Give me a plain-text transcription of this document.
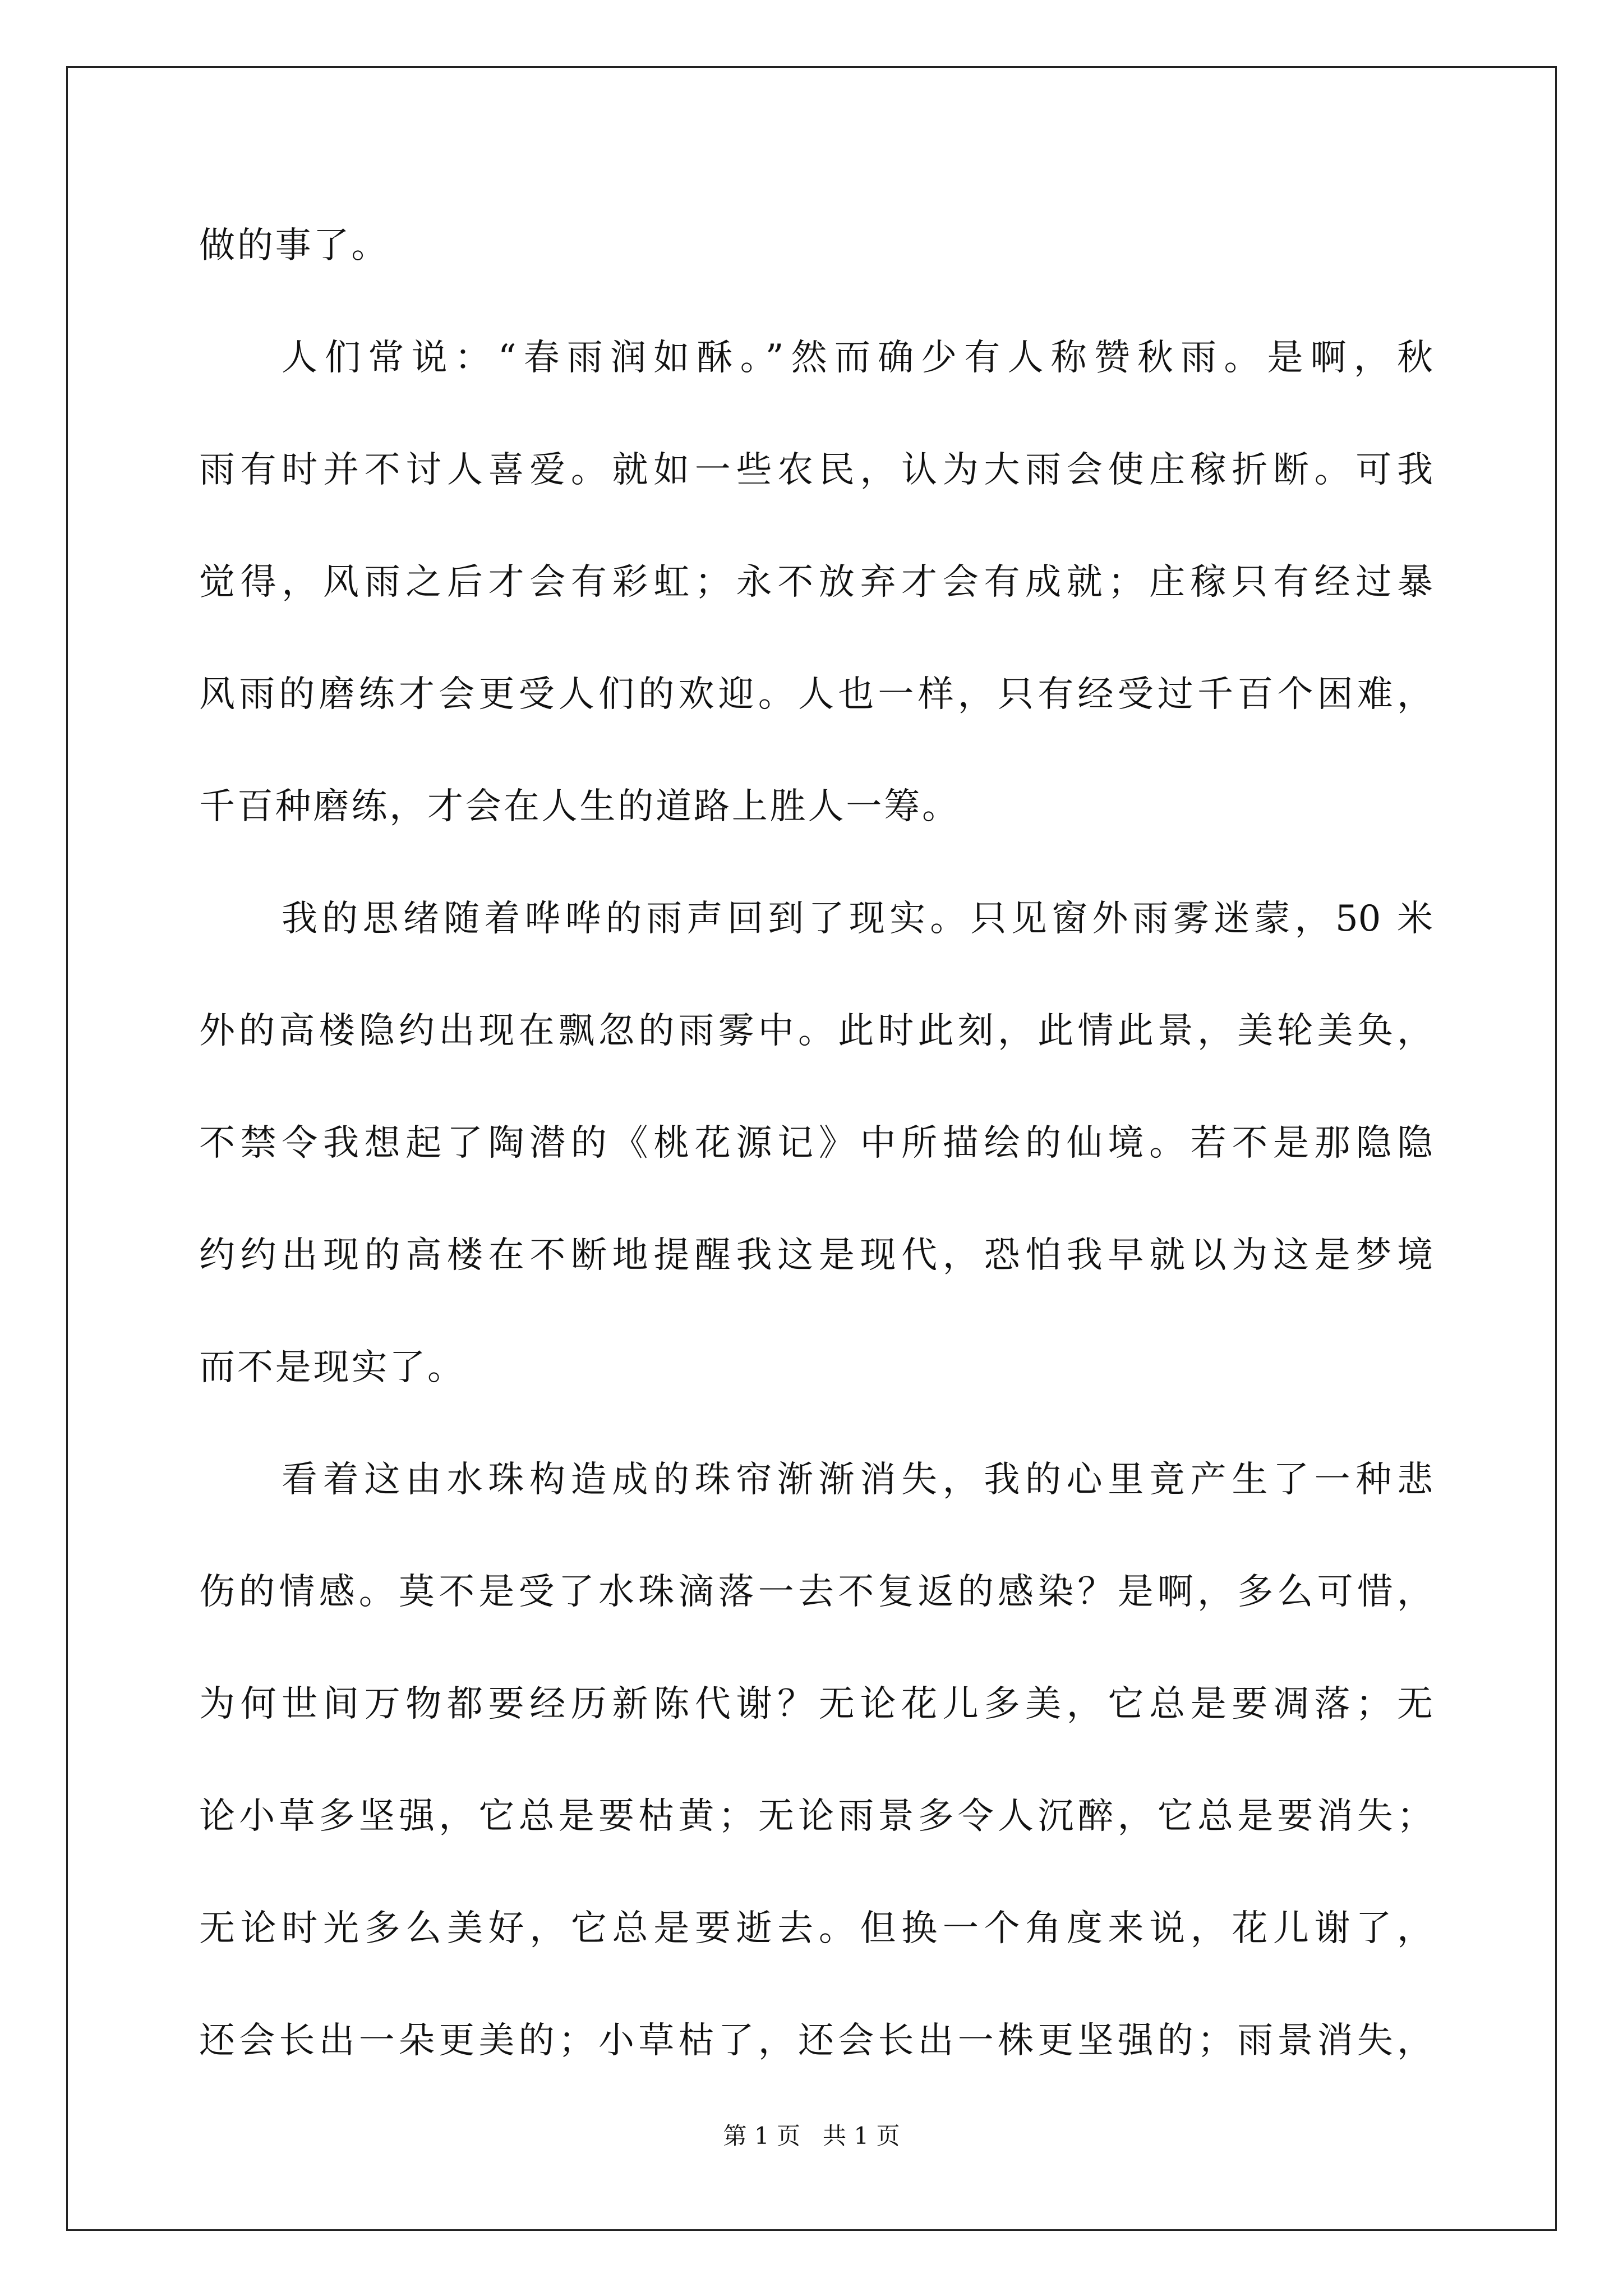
做的事了。
人们常说：“春雨润如酥。”然而确少有人称赞秋雨。是啊，秋
雨有时并不讨人喜爱。就如一些农民，认为大雨会使庄稼折断。可我
觉得，风雨之后才会有彩虹；永不放弃才会有成就；庄稼只有经过暴
风雨的磨练才会更受人们的欢迎。人也一样，只有经受过千百个困难，
千百种磨练，才会在人生的道路上胜人一筹。
我的思绪随着哗哗的雨声回到了现实。只见窗外雨雾迷蒙，50 米
外的高楼隐约出现在飘忽的雨雾中。此时此刻，此情此景，美轮美奂，
不禁令我想起了陶潜的《桃花源记》中所描绘的仙境。若不是那隐隐
约约出现的高楼在不断地提醒我这是现代，恐怕我早就以为这是梦境
而不是现实了。
看着这由水珠构造成的珠帘渐渐消失，我的心里竟产生了一种悲
伤的情感。莫不是受了水珠滴落一去不复返的感染？是啊，多么可惜，
为何世间万物都要经历新陈代谢？无论花儿多美，它总是要凋落；无
论小草多坚强，它总是要枯黄；无论雨景多令人沉醉，它总是要消失；
无论时光多么美好，它总是要逝去。但换一个角度来说，花儿谢了，
还会长出一朵更美的；小草枯了，还会长出一株更坚强的；雨景消失，
第 1 页   共 1 页
